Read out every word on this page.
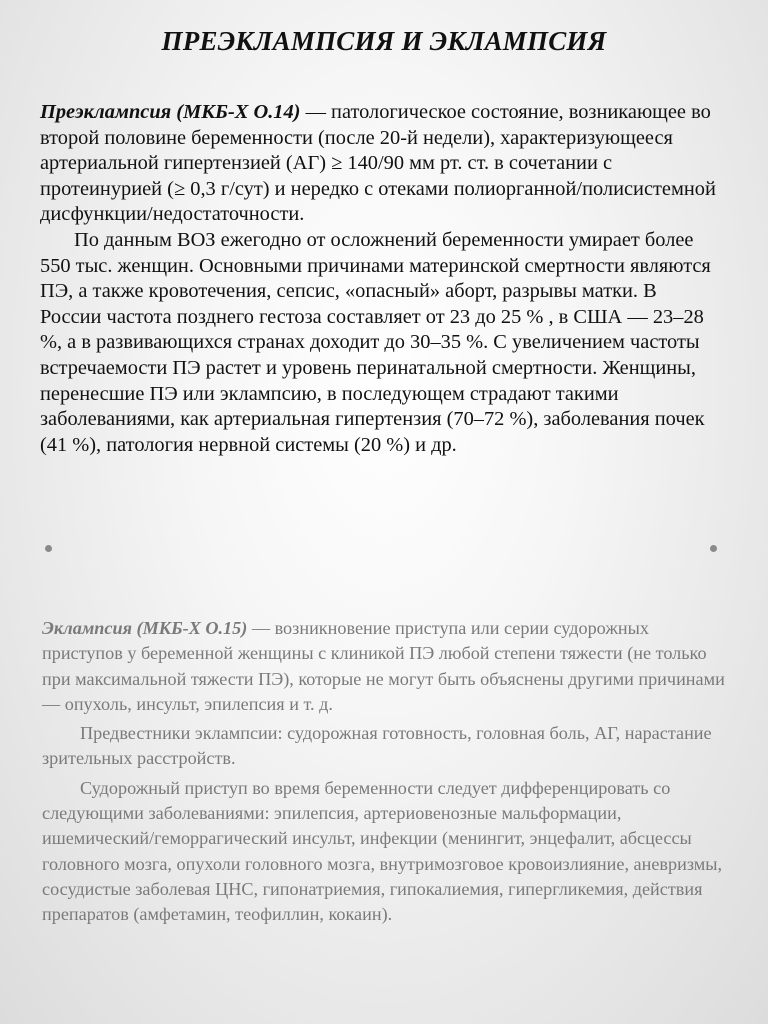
ПРЕЭКЛАМПСИЯ И ЭКЛАМПСИЯ

Преэклампсия (МКБ-Х О.14) — патологическое состояние, возникающее во второй половине беременности (после 20-й недели), характеризующееся артериальной гипертензией (АГ) ≥ 140/90 мм рт. ст. в сочетании с протеинурией (≥ 0,3 г/сут) и нередко с отеками полиорганной/полисистемной дисфункции/недостаточности.

По данным ВОЗ ежегодно от осложнений беременности умирает более 550 тыс. женщин. Основными причинами материнской смертности являются ПЭ, а также кровотечения, сепсис, «опасный» аборт, разрывы матки. В России частота позднего гестоза составляет от 23 до 25 % , в США — 23–28 %, а в развивающихся странах доходит до 30–35 %. С увеличением частоты встречаемости ПЭ растет и уровень перинатальной смертности. Женщины, перенесшие ПЭ или эклампсию, в последующем страдают такими заболеваниями, как артериальная гипертензия (70–72 %), заболевания почек (41 %), патология нервной системы (20 %) и др.

Эклампсия (МКБ-Х О.15) — возникновение приступа или серии судорожных приступов у беременной женщины с клиникой ПЭ любой степени тяжести (не только при максимальной тяжести ПЭ), которые не могут быть объяснены другими причинами — опухоль, инсульт, эпилепсия и т. д.

Предвестники эклампсии: судорожная готовность, головная боль, АГ, нарастание зрительных расстройств.

Судорожный приступ во время беременности следует дифференцировать со следующими заболеваниями: эпилепсия, артериовенозные мальформации, ишемический/геморрагический инсульт, инфекции (менингит, энцефалит, абсцессы головного мозга, опухоли головного мозга, внутримозговое кровоизлияние, аневризмы, сосудистые заболевая ЦНС, гипонатриемия, гипокалиемия, гипергликемия, действия препаратов (амфетамин, теофиллин, кокаин).
